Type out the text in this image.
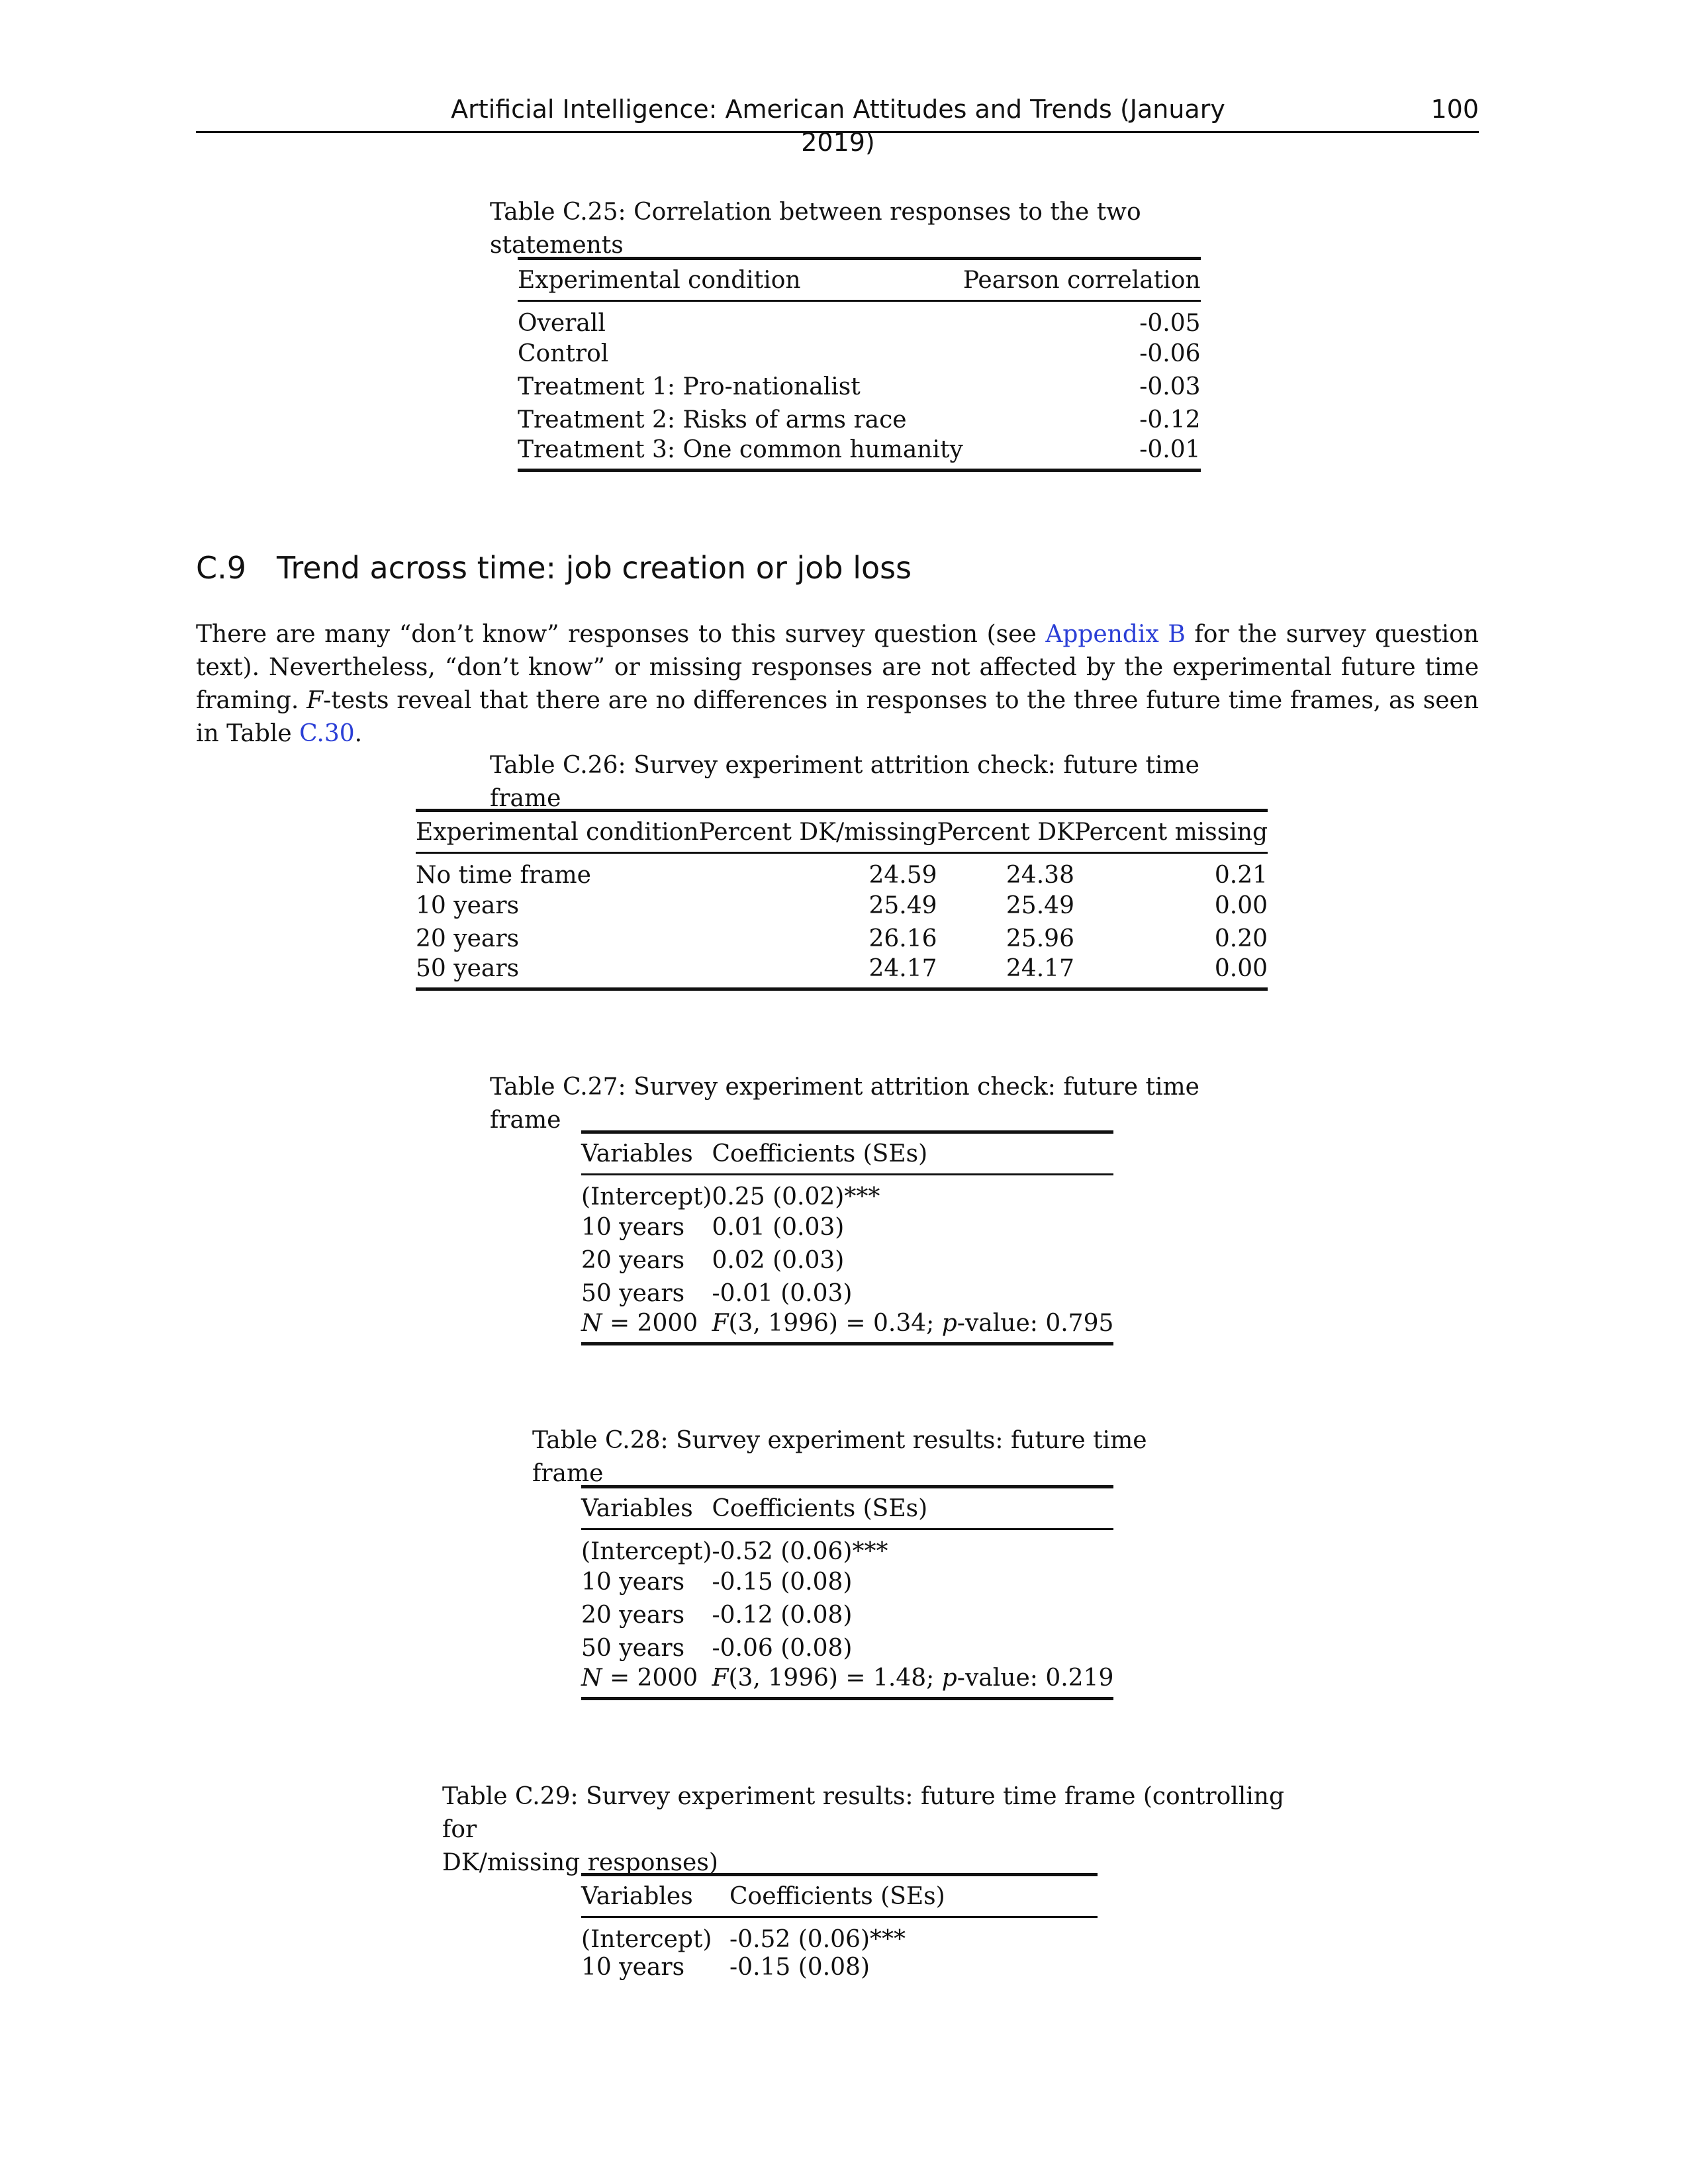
Artificial Intelligence: American Attitudes and Trends (January 2019)
100
Table C.25: Correlation between responses to the two statements
Experimental condition	Pearson correlation
Overall	-0.05
Control	-0.06
Treatment 1: Pro-nationalist	-0.03
Treatment 2: Risks of arms race	-0.12
Treatment 3: One common humanity	-0.01
C.9 Trend across time: job creation or job loss
There are many “don’t know” responses to this survey question (see Appendix B for the survey question text). Nevertheless, “don’t know” or missing responses are not affected by the experimental future time framing. F-tests reveal that there are no differences in responses to the three future time frames, as seen in Table C.30.
Table C.26: Survey experiment attrition check: future time frame
Experimental condition	Percent DK/missing	Percent DK	Percent missing
No time frame	24.59	24.38	0.21
10 years	25.49	25.49	0.00
20 years	26.16	25.96	0.20
50 years	24.17	24.17	0.00
Table C.27: Survey experiment attrition check: future time frame
Variables	Coefficients (SEs)
(Intercept)	0.25 (0.02)***
10 years	0.01 (0.03)
20 years	0.02 (0.03)
50 years	-0.01 (0.03)
N = 2000	F(3, 1996) = 0.34; p-value: 0.795
Table C.28: Survey experiment results: future time frame
Variables	Coefficients (SEs)
(Intercept)	-0.52 (0.06)***
10 years	-0.15 (0.08)
20 years	-0.12 (0.08)
50 years	-0.06 (0.08)
N = 2000	F(3, 1996) = 1.48; p-value: 0.219
Table C.29: Survey experiment results: future time frame (controlling for
DK/missing responses)
Variables	Coefficients (SEs)
(Intercept)	-0.52 (0.06)***
10 years	-0.15 (0.08)
